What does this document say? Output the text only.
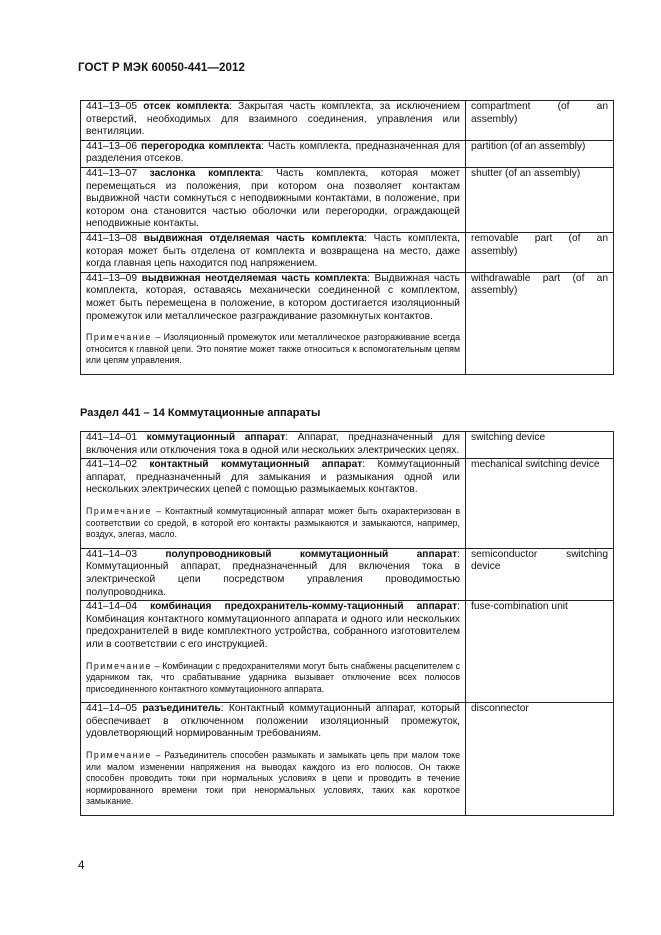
ГОСТ Р МЭК 60050-441—2012
441–13–05 отсек комплекта: Закрытая часть комплекта, за исключением отверстий, необходимых для взаимного соединения, управления или вентиляции.	compartment (of an assembly)
441–13–06 перегородка комплекта: Часть комплекта, предназначенная для разделения отсеков.	partition (of an assembly)
441–13–07 заслонка комплекта: Часть комплекта, которая может перемещаться из положения, при котором она позволяет контактам выдвижной части сомкнуться с неподвижными контактами, в положение, при котором она становится частью оболочки или перегородки, ограждающей неподвижные контакты.	shutter (of an assembly)
441–13–08 выдвижная отделяемая часть комплекта: Часть комплекта, которая может быть отделена от комплекта и возвращена на место, даже когда главная цепь находится под напряжением.	removable part (of an assembly)
441–13–09 выдвижная неотделяемая часть комплекта: Выдвижная часть комплекта, которая, оставаясь механически соединенной с комплектом, может быть перемещена в положение, в котором достигается изоляционный промежуток или металлическое разграждивание разомкнутых контактов.
Примечание – Изоляционный промежуток или металлическое разгораживание всегда относится к главной цепи. Это понятие может также относиться к вспомогательным цепям или цепям управления.	withdrawable part (of an assembly)
Раздел 441 – 14 Коммутационные аппараты
441–14–01 коммутационный аппарат: Аппарат, предназначенный для включения или отключения тока в одной или нескольких электрических цепях.	switching device
441–14–02 контактный коммутационный аппарат: Коммутационный аппарат, предназначенный для замыкания и размыкания одной или нескольких электрических цепей с помощью размыкаемых контактов.
Примечание – Контактный коммутационный аппарат может быть охарактеризован в соответствии со средой, в которой его контакты размыкаются и замыкаются, например, воздух, элегаз, масло.	mechanical switching device
441–14–03 полупроводниковый коммутационный аппарат: Коммутационный аппарат, предназначенный для включения тока в электрической цепи посредством управления проводимостью полупроводника.	semiconductor switching device
441–14–04 комбинация предохранитель-комму-тационный аппарат: Комбинация контактного коммутационного аппарата и одного или нескольких предохранителей в виде комплектного устройства, собранного изготовителем или в соответствии с его инструкцией.
Примечание – Комбинации с предохранителями могут быть снабжены расцепителем с ударником так, что срабатывание ударника вызывает отключение всех полюсов присоединенного контактного коммутационного аппарата.	fuse-combination unit
441–14–05 разъединитель: Контактный коммутационный аппарат, который обеспечивает в отключенном положении изоляционный промежуток, удовлетворяющий нормированным требованиям.
Примечание – Разъединитель способен размыкать и замыкать цепь при малом токе или малом изменении напряжения на выводах каждого из его полюсов. Он также способен проводить токи при нормальных условиях в цепи и проводить в течение нормированного времени токи при ненормальных условиях, таких как короткое замыкание.	disconnector
4
